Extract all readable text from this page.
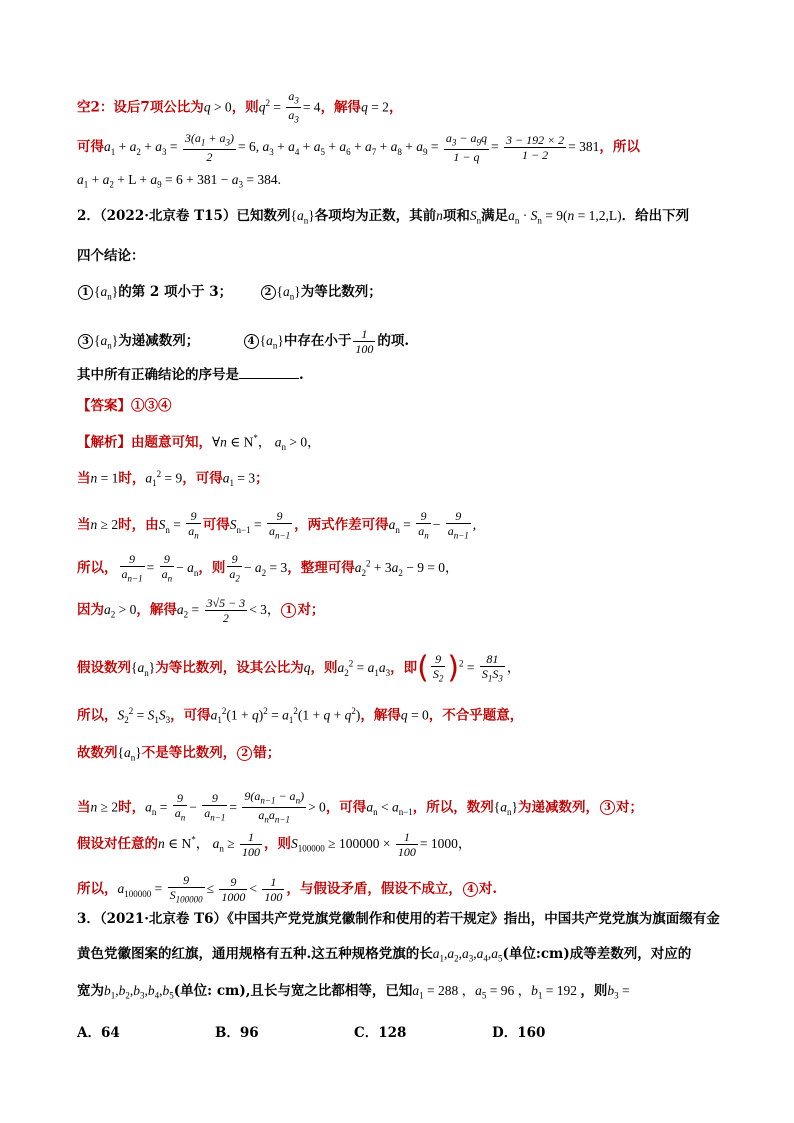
空2：设后7项公比为q > 0，则$q^2 = \frac{a_3}{a_3} = 4$，解得q = 2，
可得$a_1 + a_2 + a_3 = \frac{3(a_1 + a_3)}{2} = 6$, $a_3 + a_4 + a_5 + a_6 + a_7 + a_8 + a_9 = \frac{a_3 - a_9q}{1 - q} = \frac{3 - 192 \times 2}{1 - 2} = 381$，所以
$a_1 + a_2 + L + a_9 = 6 + 381 - a_3 = 384$.
2．（2022·北京卷 T15）已知数列$\{a_n\}$各项均为正数，其前n项和$S_n$满足$a_n \cdot S_n = 9(n = 1,2,L)$．给出下列
四个结论：
1 $\{a_n\}$的第 2 项小于 3；	2 $\{a_n\}$为等比数列；
3 $\{a_n\}$为递减数列；	4 $\{a_n\}$中存在小于 $\frac{1}{100}$ 的项.
其中所有正确结论的序号是	.
【答案】①③④
【解析】由题意可知，∀n ∈ N*， $a_n > 0$，
当n = 1时，$a_1^2 = 9$，可得$a_1 = 3$；
当n ≥ 2时，由$S_n = \frac{9}{a_n}$ 可得$S_{n-1} = \frac{9}{a_{n-1}}$ ，两式作差可得$a_n = \frac{9}{a_n} - \frac{9}{a_{n-1}}$ ,
所以， $\frac{9}{a_{n-1}} = \frac{9}{a_n} - a_n$，则 $\frac{9}{a_2} - a_2 = 3$，整理可得$a_2^2 + 3a_2 - 9 = 0$，
因为$a_2 > 0$，解得$a_2 = \frac{3√5 - 3}{2} < 3$， 1 对；
假设数列$\{a_n\}$为等比数列，设其公比为q，则$a_2^2 = a_1a_3$，即( $\frac{9}{S_2} )^2 = \frac{81}{S_1S_3}$ ，
所以，$S_2^2 = S_1S_3$，可得$a_1^2(1 + q)^2 = a_1^2(1 + q + q^2)$，解得q = 0，不合乎题意，
故数列$\{a_n\}$不是等比数列， 2 错；
当n ≥ 2时，$a_n = \frac{9}{a_n} - \frac{9}{a_{n-1}} = \frac{9(a_{n-1} - a_n)}{a_na_{n-1}} > 0$，可得$a_n < a_{n-1}$，所以，数列$\{a_n\}$为递减数列， 3 对；
假设对任意的n ∈ N*， $a_n \ge \frac{1}{100}$ ，则$S_{100000} \ge 100000 \times \frac{1}{100} = 1000$，
所以，$a_{100000} = \frac{9}{S_{100000}} \le \frac{9}{1000} < \frac{1}{100}$ ，与假设矛盾，假设不成立， 4 对.
3．（2021·北京卷 T6）《中国共产党党旗党徽制作和使用的若干规定》指出，中国共产党党旗为旗面缀有金
黄色党徽图案的红旗，通用规格有五种.这五种规格党旗的长$a_1,a_2,a_3,a_4,a_5$(单位:cm)成等差数列，对应的
宽为$b_1,b_2,b_3,b_4,b_5$(单位: cm),且长与宽之比都相等，已知$a_1 = 288$ ，$a_5 = 96$ ，$b_1 = 192$ ，则$b_3$ =
A．64	B．96	C．128	D．160
